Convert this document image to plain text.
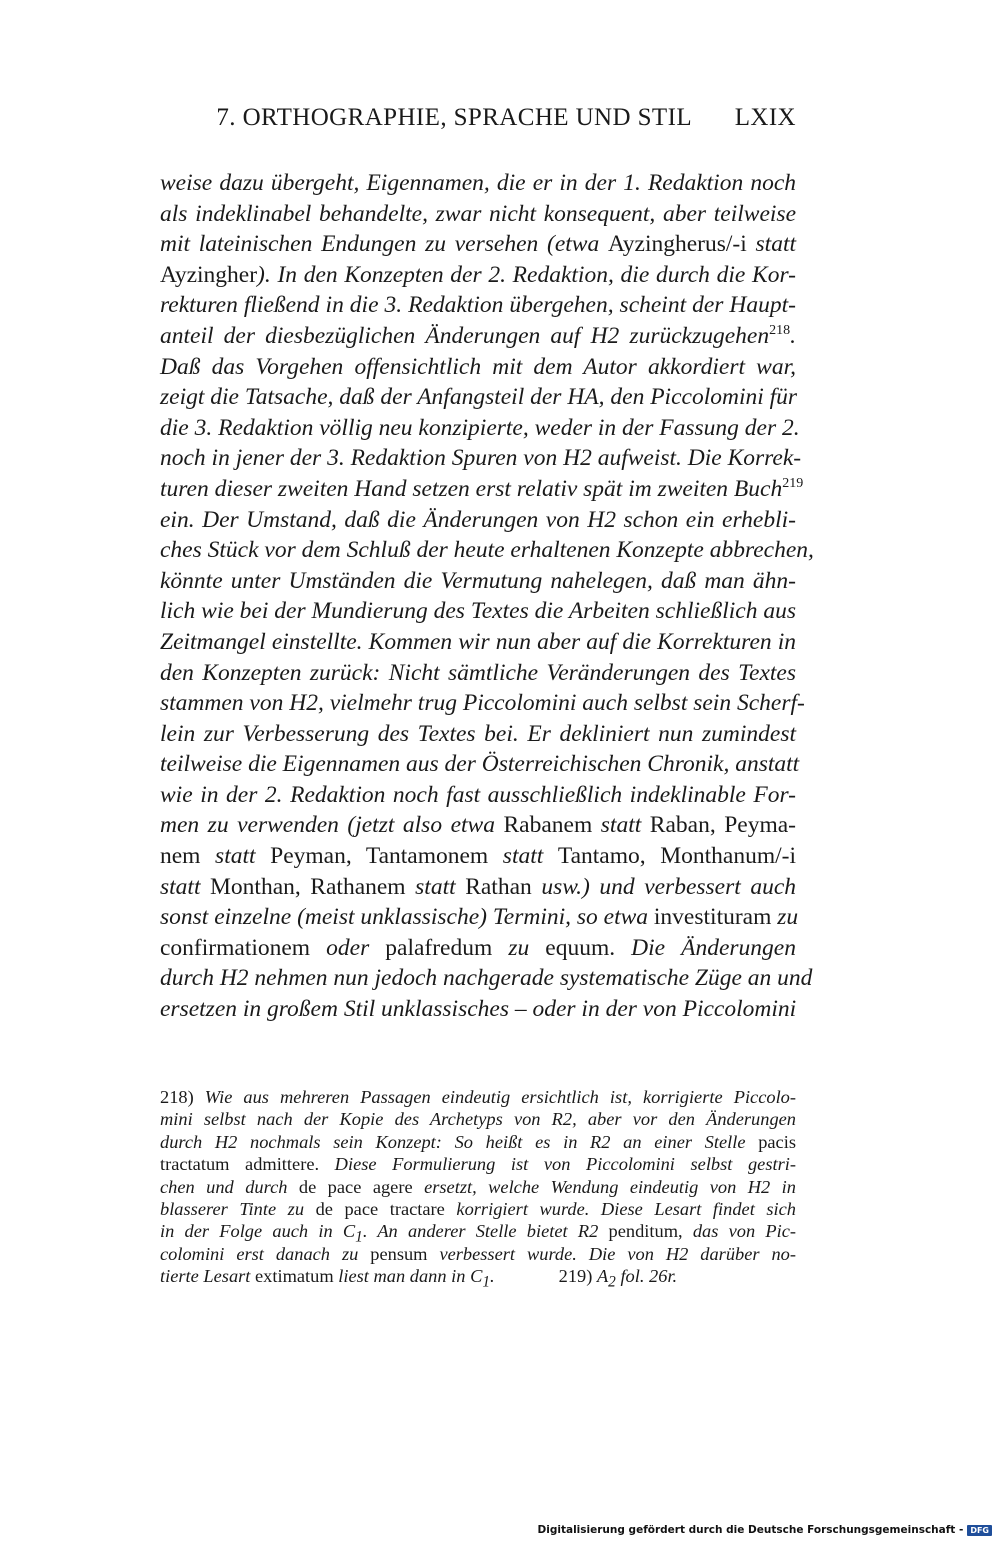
7. ORTHOGRAPHIE, SPRACHE UND STIL LXIX
weise dazu übergeht, Eigennamen, die er in der 1. Redaktion noch
als indeklinabel behandelte, zwar nicht konsequent, aber teilweise
mit lateinischen Endungen zu versehen (etwa Ayzingherus/-i statt
Ayzingher). In den Konzepten der 2. Redaktion, die durch die Kor-
rekturen fließend in die 3. Redaktion übergehen, scheint der Haupt-
anteil der diesbezüglichen Änderungen auf H2 zurückzugehen$^{218}$.
Daß das Vorgehen offensichtlich mit dem Autor akkordiert war,
zeigt die Tatsache, daß der Anfangsteil der HA, den Piccolomini für
die 3. Redaktion völlig neu konzipierte, weder in der Fassung der 2.
noch in jener der 3. Redaktion Spuren von H2 aufweist. Die Korrek-
turen dieser zweiten Hand setzen erst relativ spät im zweiten Buch$^{219}$
ein. Der Umstand, daß die Änderungen von H2 schon ein erhebli-
ches Stück vor dem Schluß der heute erhaltenen Konzepte abbrechen,
könnte unter Umständen die Vermutung nahelegen, daß man ähn-
lich wie bei der Mundierung des Textes die Arbeiten schließlich aus
Zeitmangel einstellte. Kommen wir nun aber auf die Korrekturen in
den Konzepten zurück: Nicht sämtliche Veränderungen des Textes
stammen von H2, vielmehr trug Piccolomini auch selbst sein Scherf-
lein zur Verbesserung des Textes bei. Er dekliniert nun zumindest
teilweise die Eigennamen aus der Österreichischen Chronik, anstatt
wie in der 2. Redaktion noch fast ausschließlich indeklinable For-
men zu verwenden (jetzt also etwa Rabanem statt Raban, Peyma-
nem statt Peyman, Tantamonem statt Tantamo, Monthanum/-i
statt Monthan, Rathanem statt Rathan usw.) und verbessert auch
sonst einzelne (meist unklassische) Termini, so etwa investituram zu
confirmationem oder palafredum zu equum. Die Änderungen
durch H2 nehmen nun jedoch nachgerade systematische Züge an und
ersetzen in großem Stil unklassisches – oder in der von Piccolomini
218) Wie aus mehreren Passagen eindeutig ersichtlich ist, korrigierte Piccolo-
mini selbst nach der Kopie des Archetyps von R2, aber vor den Änderungen
durch H2 nochmals sein Konzept: So heißt es in R2 an einer Stelle pacis
tractatum admittere. Diese Formulierung ist von Piccolomini selbst gestri-
chen und durch de pace agere ersetzt, welche Wendung eindeutig von H2 in
blasserer Tinte zu de pace tractare korrigiert wurde. Diese Lesart findet sich
in der Folge auch in $C_1$. An anderer Stelle bietet R2 penditum, das von Pic-
colomini erst danach zu pensum verbessert wurde. Die von H2 darüber no-
tierte Lesart extimatum liest man dann in $C_1$.	219) $A_2$ fol. 26r.
Digitalisierung gefördert durch die Deutsche Forschungsgemeinschaft - DFG
